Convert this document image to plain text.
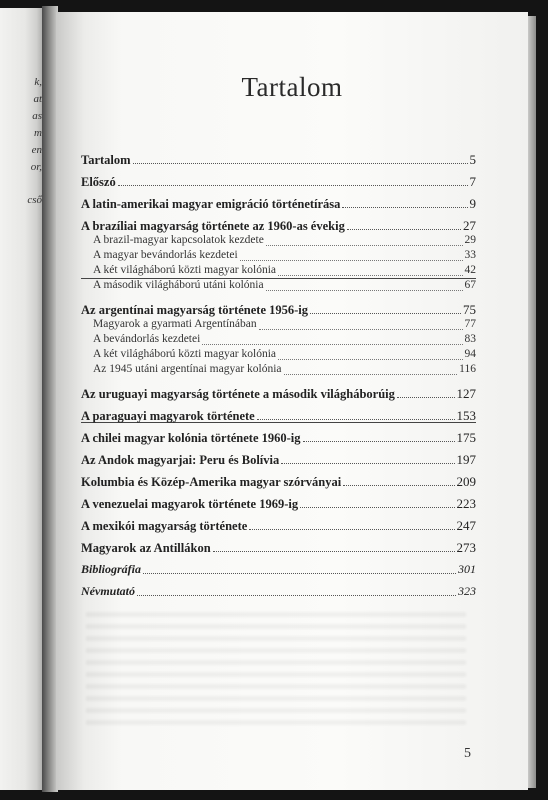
k,
at
as
m
en
or,
cső
Tartalom
Tartalom	5
Előszó	7
A latin-amerikai magyar emigráció történetírása	9
A brazíliai magyarság története az 1960-as évekig	27
A brazil-magyar kapcsolatok kezdete	29
A magyar bevándorlás kezdetei	33
A két világháború közti magyar kolónia	42
A második világháború utáni kolónia	67
Az argentínai magyarság története 1956-ig	75
Magyarok a gyarmati Argentínában	77
A bevándorlás kezdetei	83
A két világháború közti magyar kolónia	94
Az 1945 utáni argentínai magyar kolónia	116
Az uruguayi magyarság története a második világháborúig	127
A paraguayi magyarok története	153
A chilei magyar kolónia története 1960-ig	175
Az Andok magyarjai: Peru és Bolívia	197
Kolumbia és Közép-Amerika magyar szórványai	209
A venezuelai magyarok története 1969-ig	223
A mexikói magyarság története	247
Magyarok az Antillákon	273
Bibliográfia	301
Névmutató	323
5
